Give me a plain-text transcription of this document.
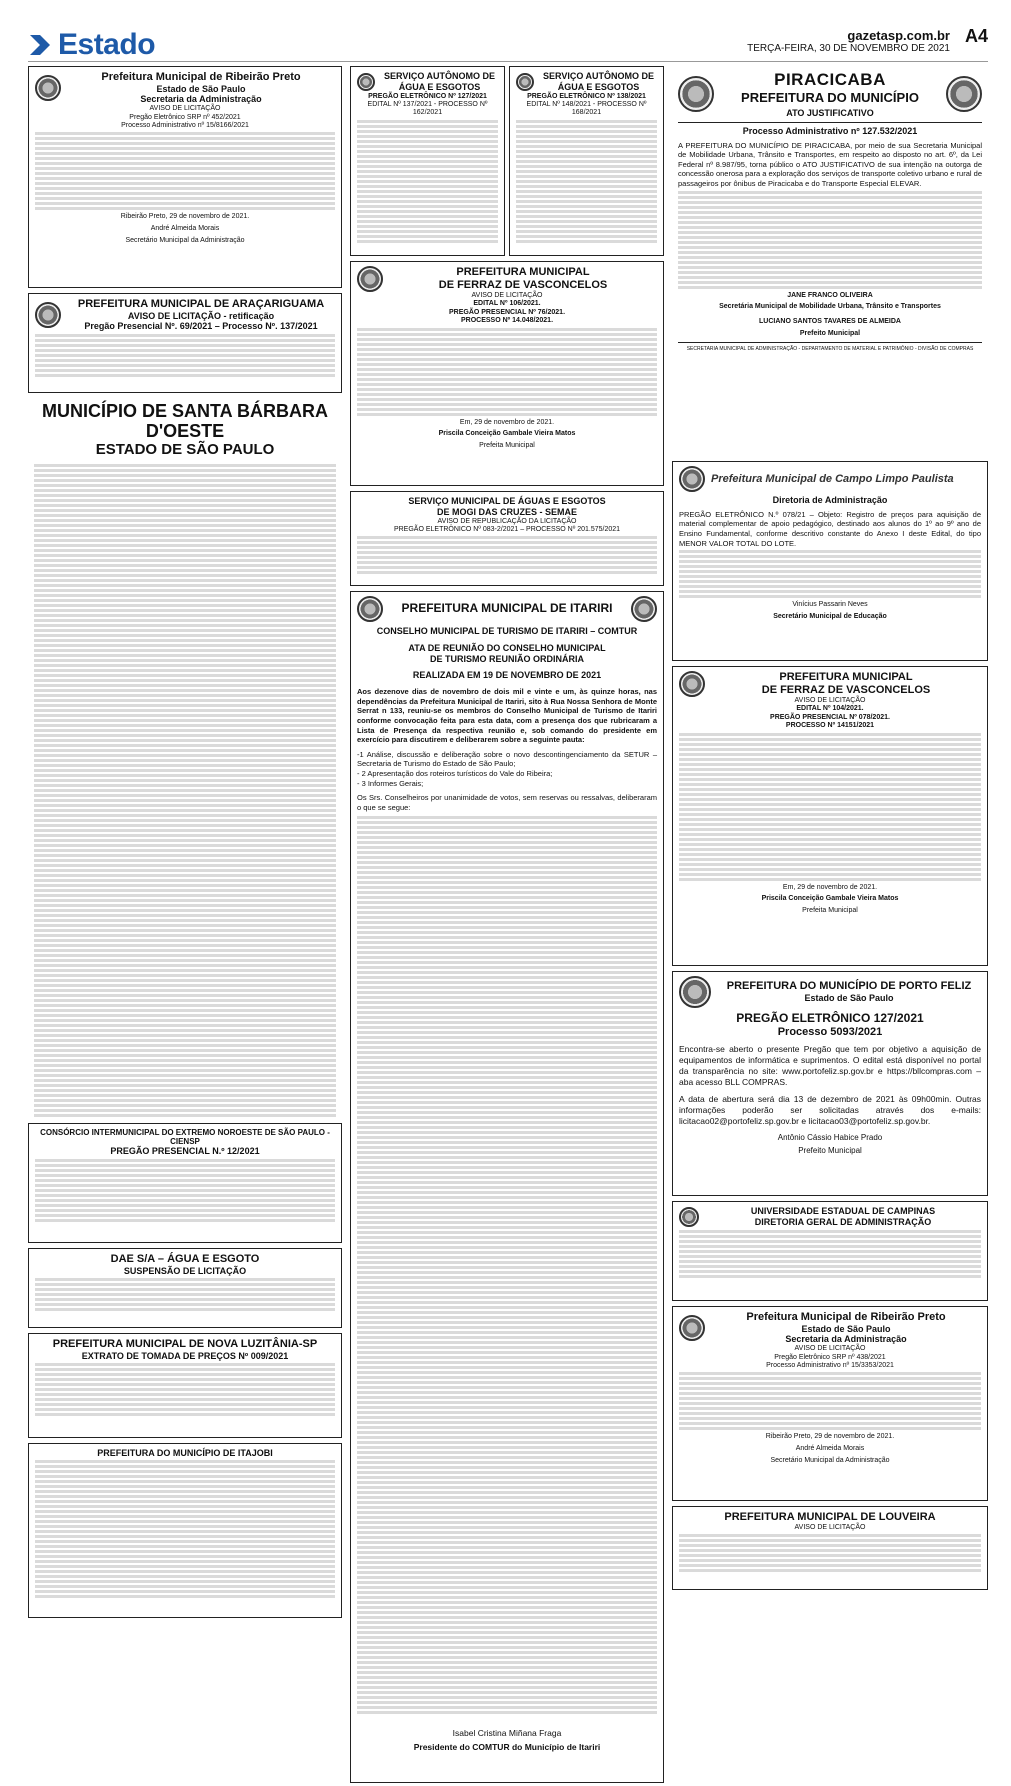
Estado	gazetasp.com.br
TERÇA-FEIRA, 30 DE NOVEMBRO DE 2021
A4
Prefeitura Municipal de Ribeirão Preto
Estado de São Paulo
Secretaria da Administração
AVISO DE LICITAÇÃO
Pregão Eletrônico SRP nº 452/2021
Processo Administrativo nº 15/8166/2021
Ribeirão Preto, 29 de novembro de 2021.
André Almeida Morais
Secretário Municipal da Administração
PREFEITURA MUNICIPAL DE ARAÇARIGUAMA
AVISO DE LICITAÇÃO - retificação
Pregão Presencial Nº. 69/2021 – Processo Nº. 137/2021
MUNICÍPIO DE SANTA BÁRBARA D'OESTE
ESTADO DE SÃO PAULO
CONSÓRCIO INTERMUNICIPAL DO EXTREMO NOROESTE DE SÃO PAULO - CIENSP
PREGÃO PRESENCIAL N.º 12/2021
DAE S/A – ÁGUA E ESGOTO
SUSPENSÃO DE LICITAÇÃO
PREFEITURA MUNICIPAL DE NOVA LUZITÂNIA-SP
EXTRATO DE TOMADA DE PREÇOS Nº 009/2021
PREFEITURA DO MUNICÍPIO DE ITAJOBI
SERVIÇO AUTÔNOMO DE ÁGUA E ESGOTOS
PREGÃO ELETRÔNICO Nº 127/2021
EDITAL Nº 137/2021 - PROCESSO Nº 162/2021
SERVIÇO AUTÔNOMO DE ÁGUA E ESGOTOS
PREGÃO ELETRÔNICO Nº 138/2021
EDITAL Nº 148/2021 - PROCESSO Nº 168/2021
PREFEITURA MUNICIPAL
DE FERRAZ DE VASCONCELOS
AVISO DE LICITAÇÃO
EDITAL Nº 106/2021.
PREGÃO PRESENCIAL Nº 76/2021.
PROCESSO Nº 14.048/2021.
Em, 29 de novembro de 2021.
Priscila Conceição Gambale Vieira Matos
Prefeita Municipal
SERVIÇO MUNICIPAL DE ÁGUAS E ESGOTOS
DE MOGI DAS CRUZES - SEMAE
AVISO DE REPUBLICAÇÃO DA LICITAÇÃO
PREGÃO ELETRÔNICO Nº 083-2/2021 – PROCESSO Nº 201.575/2021
PREFEITURA MUNICIPAL DE ITARIRI
CONSELHO MUNICIPAL DE TURISMO DE ITARIRI – COMTUR
ATA DE REUNIÃO DO CONSELHO MUNICIPAL
DE TURISMO REUNIÃO ORDINÁRIA
REALIZADA EM 19 DE NOVEMBRO DE 2021
Aos dezenove dias de novembro de dois mil e vinte e um, às quinze horas, nas dependências da Prefeitura Municipal de Itariri, sito à Rua Nossa Senhora de Monte Serrat n 133, reuniu-se os membros do Conselho Municipal de Turismo de Itariri conforme convocação feita para esta data, com a presença dos que rubricaram a Lista de Presença da respectiva reunião e, sob comando do presidente em exercício para discutirem e deliberarem sobre a seguinte pauta:
-1 Análise, discussão e deliberação sobre o novo descontingenciamento da SETUR – Secretaria de Turismo do Estado de São Paulo;
- 2 Apresentação dos roteiros turísticos do Vale do Ribeira;
- 3 Informes Gerais;
Os Srs. Conselheiros por unanimidade de votos, sem reservas ou ressalvas, deliberaram o que se segue:
Isabel Cristina Miñana Fraga
Presidente do COMTUR do Município de Itariri
PIRACICABA
PREFEITURA DO MUNICÍPIO
ATO JUSTIFICATIVO
Processo Administrativo nº 127.532/2021
A PREFEITURA DO MUNICÍPIO DE PIRACICABA, por meio de sua Secretaria Municipal de Mobilidade Urbana, Trânsito e Transportes, em respeito ao disposto no art. 6º, da Lei Federal nº 8.987/95, torna público o ATO JUSTIFICATIVO de sua intenção na outorga de concessão onerosa para a exploração dos serviços de transporte coletivo urbano e rural de passageiros por ônibus de Piracicaba e do Transporte Especial ELEVAR.
JANE FRANCO OLIVEIRA
Secretária Municipal de Mobilidade Urbana, Trânsito e Transportes
LUCIANO SANTOS TAVARES DE ALMEIDA
Prefeito Municipal
SECRETARIA MUNICIPAL DE ADMINISTRAÇÃO - DEPARTAMENTO DE MATERIAL E PATRIMÔNIO - DIVISÃO DE COMPRAS
Prefeitura Municipal de Campo Limpo Paulista
Diretoria de Administração
PREGÃO ELETRÔNICO N.º 078/21 – Objeto: Registro de preços para aquisição de material complementar de apoio pedagógico, destinado aos alunos do 1º ao 9º ano de Ensino Fundamental, conforme descritivo constante do Anexo I deste Edital, do tipo MENOR VALOR TOTAL DO LOTE.
Vinícius Passarin Neves
Secretário Municipal de Educação
PREFEITURA MUNICIPAL
DE FERRAZ DE VASCONCELOS
AVISO DE LICITAÇÃO
EDITAL Nº 104/2021.
PREGÃO PRESENCIAL Nº 078/2021.
PROCESSO Nº 14151/2021
Em, 29 de novembro de 2021.
Priscila Conceição Gambale Vieira Matos
Prefeita Municipal
PREFEITURA DO MUNICÍPIO DE PORTO FELIZ
Estado de São Paulo
PREGÃO ELETRÔNICO 127/2021
Processo 5093/2021
Encontra-se aberto o presente Pregão que tem por objetivo a aquisição de equipamentos de informática e suprimentos. O edital está disponível no portal da transparência no site: www.portofeliz.sp.gov.br e https://bllcompras.com – aba acesso BLL COMPRAS.
A data de abertura será dia 13 de dezembro de 2021 às 09h00min. Outras informações poderão ser solicitadas através dos e-mails: licitacao02@portofeliz.sp.gov.br e licitacao03@portofeliz.sp.gov.br.
Antônio Cássio Habice Prado
Prefeito Municipal
UNIVERSIDADE ESTADUAL DE CAMPINAS
DIRETORIA GERAL DE ADMINISTRAÇÃO
Prefeitura Municipal de Ribeirão Preto
Estado de São Paulo
Secretaria da Administração
AVISO DE LICITAÇÃO
Pregão Eletrônico SRP nº 438/2021
Processo Administrativo nº 15/3353/2021
Ribeirão Preto, 29 de novembro de 2021.
André Almeida Morais
Secretário Municipal da Administração
PREFEITURA MUNICIPAL DE LOUVEIRA
AVISO DE LICITAÇÃO
